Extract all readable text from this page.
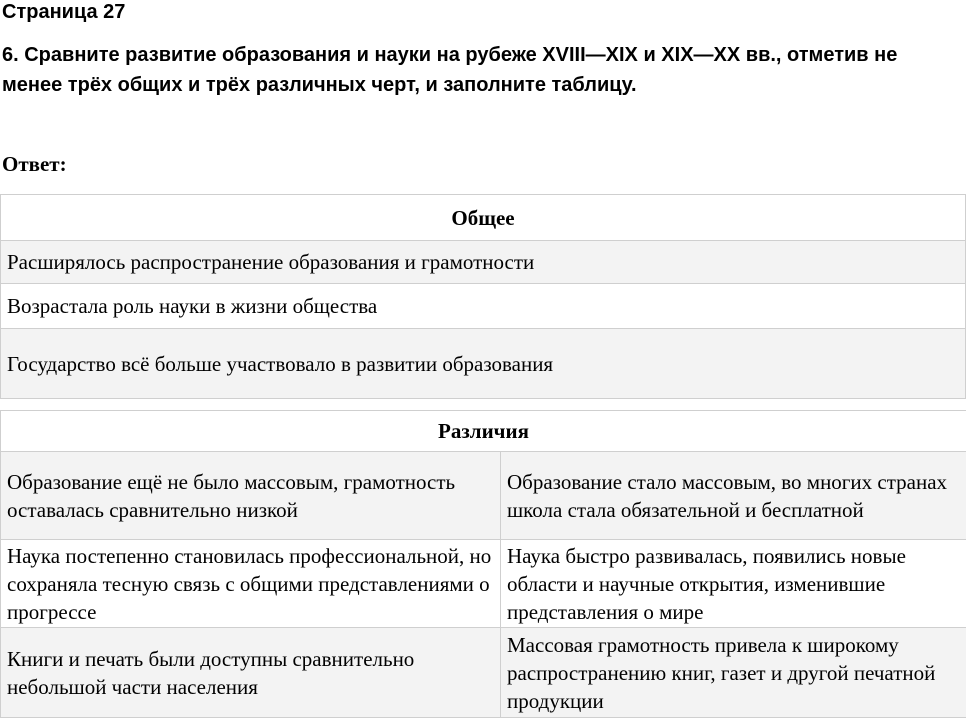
Страница 27
6. Сравните развитие образования и науки на рубеже XVIII—XIX и XIX—XX вв., отметив не менее трёх общих и трёх различных черт, и заполните таблицу.
Ответ:
Общее
Расширялось распространение образования и грамотности
Возрастала роль науки в жизни общества
Государство всё больше участвовало в развитии образования
Различия	
Образование ещё не было массовым, грамотность оставалась сравнительно низкой	Образование стало массовым, во многих странах школа стала обязательной и бесплатной
Наука постепенно становилась профессиональной, но сохраняла тесную связь с общими представлениями о прогрессе	Наука быстро развивалась, появились новые области и научные открытия, изменившие представления о мире
Книги и печать были доступны сравнительно небольшой части населения	Массовая грамотность привела к широкому распространению книг, газет и другой печатной продукции
